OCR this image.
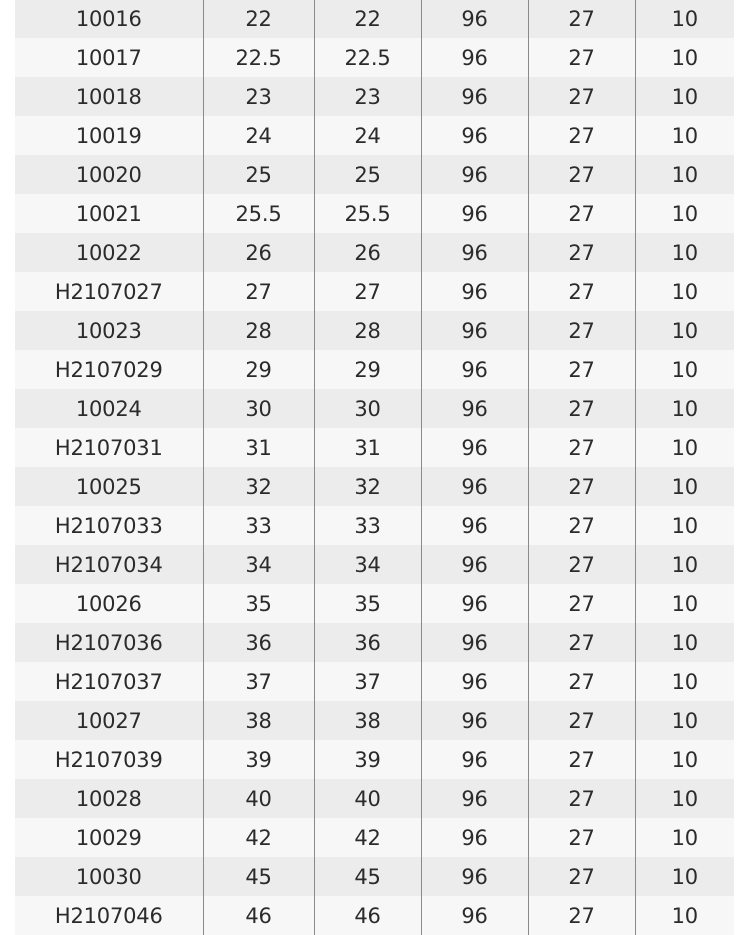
10016	22	22	96	27	10
10017	22.5	22.5	96	27	10
10018	23	23	96	27	10
10019	24	24	96	27	10
10020	25	25	96	27	10
10021	25.5	25.5	96	27	10
10022	26	26	96	27	10
H2107027	27	27	96	27	10
10023	28	28	96	27	10
H2107029	29	29	96	27	10
10024	30	30	96	27	10
H2107031	31	31	96	27	10
10025	32	32	96	27	10
H2107033	33	33	96	27	10
H2107034	34	34	96	27	10
10026	35	35	96	27	10
H2107036	36	36	96	27	10
H2107037	37	37	96	27	10
10027	38	38	96	27	10
H2107039	39	39	96	27	10
10028	40	40	96	27	10
10029	42	42	96	27	10
10030	45	45	96	27	10
H2107046	46	46	96	27	10
